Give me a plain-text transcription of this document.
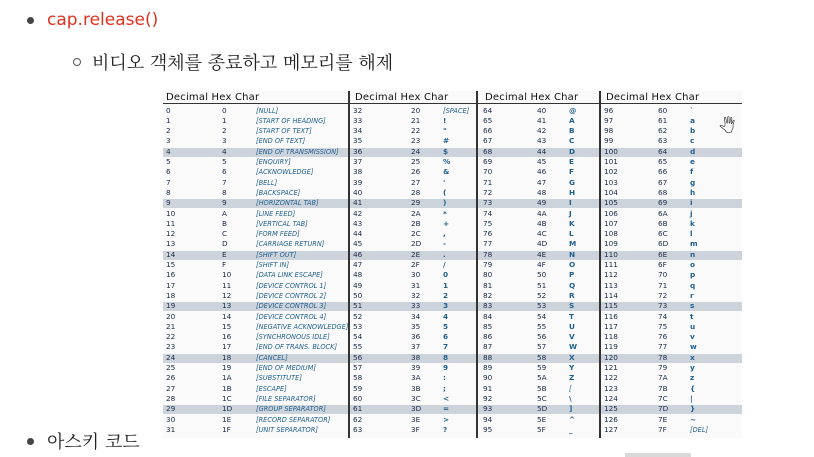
cap.release()
비디오 객체를 종료하고 메모리를 해제
Decimal Hex Char
0	0	[NULL]
1	1	[START OF HEADING]
2	2	[START OF TEXT]
3	3	[END OF TEXT]
4	4	[END OF TRANSMISSION]
5	5	[ENQUIRY]
6	6	[ACKNOWLEDGE]
7	7	[BELL]
8	8	[BACKSPACE]
9	9	[HORIZONTAL TAB]
10	A	[LINE FEED]
11	B	[VERTICAL TAB]
12	C	[FORM FEED]
13	D	[CARRIAGE RETURN]
14	E	[SHIFT OUT]
15	F	[SHIFT IN]
16	10	[DATA LINK ESCAPE]
17	11	[DEVICE CONTROL 1]
18	12	[DEVICE CONTROL 2]
19	13	[DEVICE CONTROL 3]
20	14	[DEVICE CONTROL 4]
21	15	[NEGATIVE ACKNOWLEDGE]
22	16	[SYNCHRONOUS IDLE]
23	17	[END OF TRANS. BLOCK]
24	18	[CANCEL]
25	19	[END OF MEDIUM]
26	1A	[SUBSTITUTE]
27	1B	[ESCAPE]
28	1C	[FILE SEPARATOR]
29	1D	[GROUP SEPARATOR]
30	1E	[RECORD SEPARATOR]
31	1F	[UNIT SEPARATOR]
Decimal Hex Char
32	20	[SPACE]
33	21	!
34	22	"
35	23	#
36	24	$
37	25	%
38	26	&
39	27	'
40	28	(
41	29	)
42	2A	*
43	2B	+
44	2C	,
45	2D	-
46	2E	.
47	2F	/
48	30	0
49	31	1
50	32	2
51	33	3
52	34	4
53	35	5
54	36	6
55	37	7
56	38	8
57	39	9
58	3A	:
59	3B	;
60	3C	<
61	3D	=
62	3E	>
63	3F	?
Decimal Hex Char
64	40	@
65	41	A
66	42	B
67	43	C
68	44	D
69	45	E
70	46	F
71	47	G
72	48	H
73	49	I
74	4A	J
75	4B	K
76	4C	L
77	4D	M
78	4E	N
79	4F	O
80	50	P
81	51	Q
82	52	R
83	53	S
84	54	T
85	55	U
86	56	V
87	57	W
88	58	X
89	59	Y
90	5A	Z
91	5B	[
92	5C	\
93	5D	]
94	5E	^
95	5F	_
Decimal Hex Char
96	60	`
97	61	a
98	62	b
99	63	c
100	64	d
101	65	e
102	66	f
103	67	g
104	68	h
105	69	i
106	6A	j
107	6B	k
108	6C	l
109	6D	m
110	6E	n
111	6F	o
112	70	p
113	71	q
114	72	r
115	73	s
116	74	t
117	75	u
118	76	v
119	77	w
120	78	x
121	79	y
122	7A	z
123	7B	{
124	7C	|
125	7D	}
126	7E	~
127	7F	[DEL]
아스키 코드
🖑
